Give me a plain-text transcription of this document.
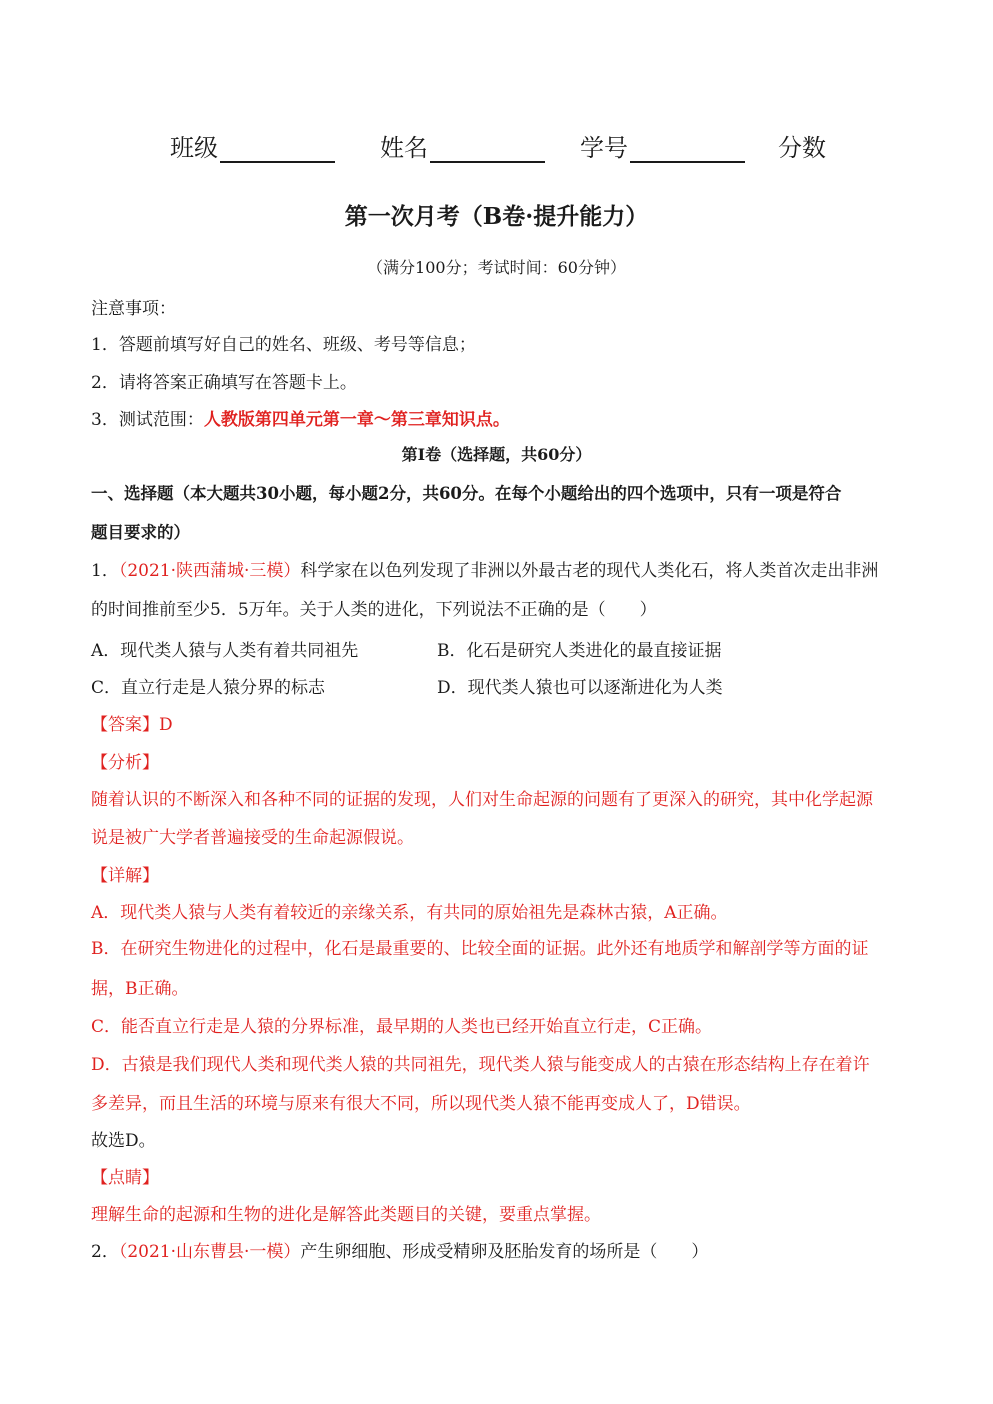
班级	姓名	学号	分数
第一次月考（B卷·提升能力）
（满分100分；考试时间：60分钟）
注意事项：
1．答题前填写好自己的姓名、班级、考号等信息；
2．请将答案正确填写在答题卡上。
3．测试范围：人教版第四单元第一章～第三章知识点。
第Ⅰ卷（选择题，共60分）
一、选择题（本大题共30小题，每小题2分，共60分。在每个小题给出的四个选项中，只有一项是符合
题目要求的）
1．（2021·陕西蒲城·三模）科学家在以色列发现了非洲以外最古老的现代人类化石，将人类首次走出非洲
的时间推前至少5．5万年。关于人类的进化，下列说法不正确的是（　　）
A．现代类人猿与人类有着共同祖先	B．化石是研究人类进化的最直接证据
C．直立行走是人猿分界的标志	D．现代类人猿也可以逐渐进化为人类
【答案】D
【分析】
随着认识的不断深入和各种不同的证据的发现，人们对生命起源的问题有了更深入的研究，其中化学起源
说是被广大学者普遍接受的生命起源假说。
【详解】
A．现代类人猿与人类有着较近的亲缘关系，有共同的原始祖先是森林古猿，A正确。
B．在研究生物进化的过程中，化石是最重要的、比较全面的证据。此外还有地质学和解剖学等方面的证
据，B正确。
C．能否直立行走是人猿的分界标准，最早期的人类也已经开始直立行走，C正确。
D．古猿是我们现代人类和现代类人猿的共同祖先，现代类人猿与能变成人的古猿在形态结构上存在着许
多差异，而且生活的环境与原来有很大不同，所以现代类人猿不能再变成人了，D错误。
故选D。
【点睛】
理解生命的起源和生物的进化是解答此类题目的关键，要重点掌握。
2．（2021·山东曹县·一模）产生卵细胞、形成受精卵及胚胎发育的场所是（　　）
